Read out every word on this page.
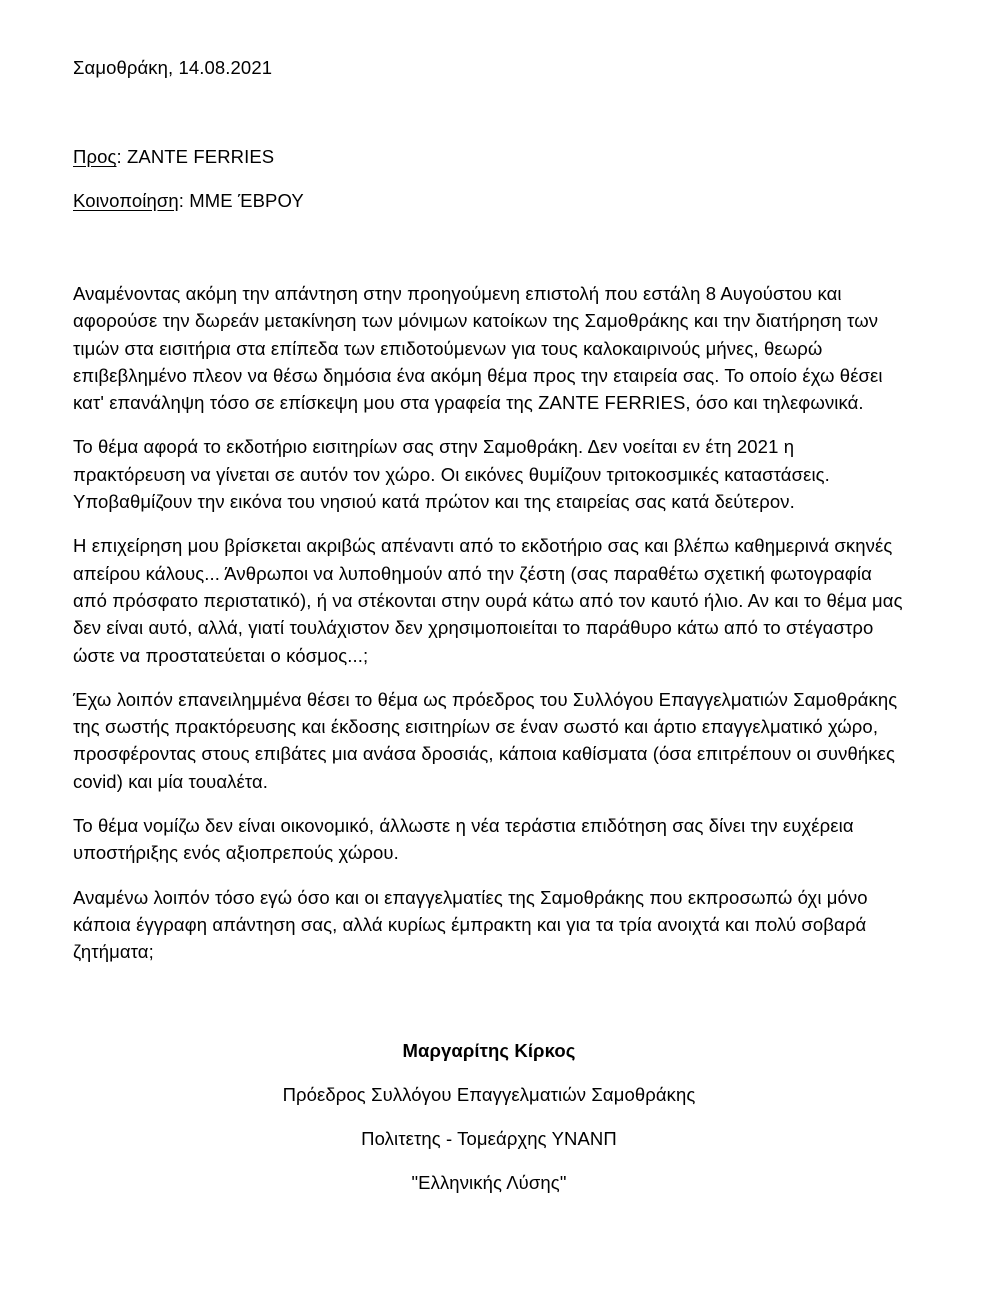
Σαμοθράκη, 14.08.2021
Προς: ZANTE FERRIES
Κοινοποίηση: ΜΜΕ ΈΒΡΟΥ

Αναμένοντας ακόμη την απάντηση στην προηγούμενη επιστολή που εστάλη 8 Αυγούστου και αφορούσε την δωρεάν μετακίνηση των μόνιμων κατοίκων της Σαμοθράκης και την διατήρηση των τιμών στα εισιτήρια στα επίπεδα των επιδοτούμενων για τους καλοκαιρινούς μήνες, θεωρώ επιβεβλημένο πλεον να θέσω δημόσια ένα ακόμη θέμα προς την εταιρεία σας. Το οποίο έχω θέσει κατ' επανάληψη τόσο σε επίσκεψη μου στα γραφεία της ZANTE FERRIES, όσο και τηλεφωνικά.

Το θέμα αφορά το εκδοτήριο εισιτηρίων σας στην Σαμοθράκη. Δεν νοείται εν έτη 2021 η πρακτόρευση να γίνεται σε αυτόν τον χώρο. Οι εικόνες θυμίζουν τριτοκοσμικές καταστάσεις. Υποβαθμίζουν την εικόνα του νησιού κατά πρώτον και της εταιρείας σας κατά δεύτερον.

Η επιχείρηση μου βρίσκεται ακριβώς απέναντι από το εκδοτήριο σας και βλέπω καθημερινά σκηνές απείρου κάλους... Άνθρωποι να λυποθημούν από την ζέστη (σας παραθέτω σχετική φωτογραφία από πρόσφατο περιστατικό), ή να στέκονται στην ουρά κάτω από τον καυτό ήλιο. Αν και το θέμα μας δεν είναι αυτό, αλλά, γιατί τουλάχιστον δεν χρησιμοποιείται το παράθυρο κάτω από το στέγαστρο ώστε να προστατεύεται ο κόσμος...;

Έχω λοιπόν επανειλημμένα θέσει το θέμα ως πρόεδρος του Συλλόγου Επαγγελματιών Σαμοθράκης της σωστής πρακτόρευσης και έκδοσης εισιτηρίων σε έναν σωστό και άρτιο επαγγελματικό χώρο, προσφέροντας στους επιβάτες μια ανάσα δροσιάς, κάποια καθίσματα (όσα επιτρέπουν οι συνθήκες covid) και μία τουαλέτα.

Το θέμα νομίζω δεν είναι οικονομικό, άλλωστε η νέα τεράστια επιδότηση σας δίνει την ευχέρεια υποστήριξης ενός αξιοπρεπούς χώρου.

Αναμένω λοιπόν τόσο εγώ όσο και οι επαγγελματίες της Σαμοθράκης που εκπροσωπώ όχι μόνο κάποια έγγραφη απάντηση σας, αλλά κυρίως έμπρακτη και για τα τρία ανοιχτά και πολύ σοβαρά ζητήματα;

Μαργαρίτης Κίρκος
Πρόεδρος Συλλόγου Επαγγελματιών Σαμοθράκης
Πολιτετης - Τομεάρχης ΥΝΑΝΠ
"Ελληνικής Λύσης"
